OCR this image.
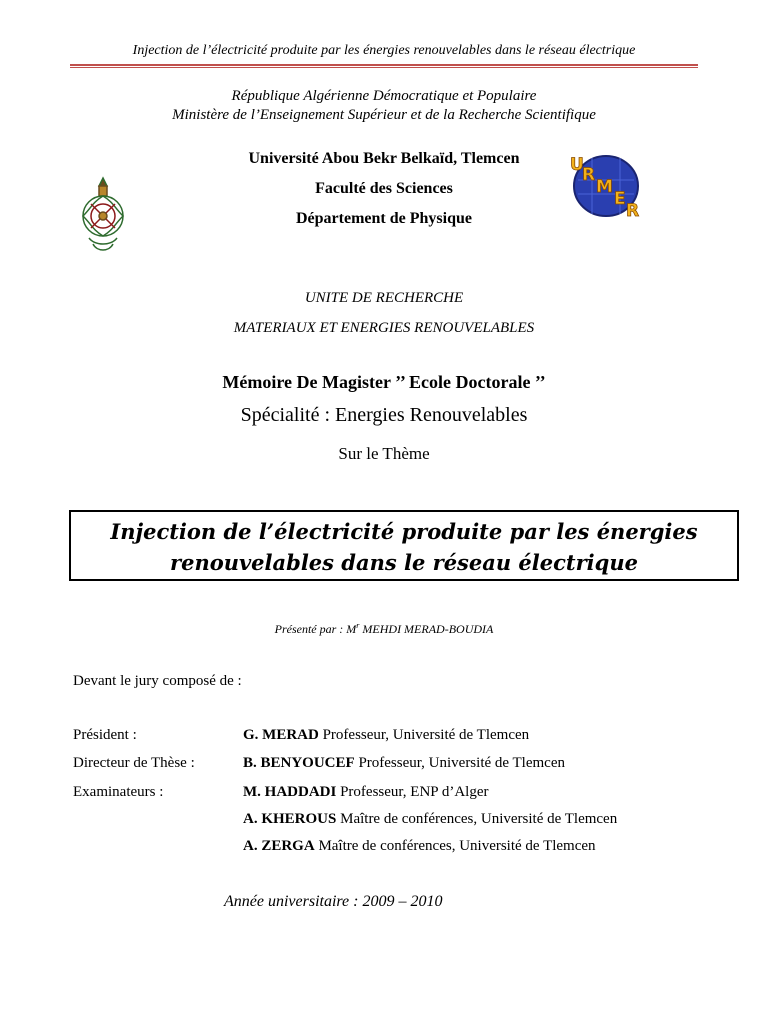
Injection de l’électricité produite par les énergies renouvelables dans le réseau électrique
République Algérienne Démocratique et Populaire
Ministère de l’Enseignement Supérieur et de la Recherche Scientifique
U
R
M
E
R
Université Abou Bekr Belkaïd, Tlemcen
Faculté des Sciences
Département de Physique
UNITE DE RECHERCHE
MATERIAUX ET ENERGIES RENOUVELABLES
Mémoire De Magister ’’ Ecole Doctorale ’’
Spécialité : Energies Renouvelables
Sur le Thème
Injection de l’électricité produite par les énergies
renouvelables dans le réseau électrique
Présenté par : $M^r$ MEHDI MERAD-BOUDIA
Devant le jury composé de :
Président :	G. MERAD Professeur, Université de Tlemcen
Directeur de Thèse :	B. BENYOUCEF Professeur, Université de Tlemcen
Examinateurs :	M. HADDADI Professeur, ENP d’Alger
A. KHEROUS Maître de conférences, Université de Tlemcen
A. ZERGA Maître de conférences, Université de Tlemcen
Année universitaire : 2009 – 2010
